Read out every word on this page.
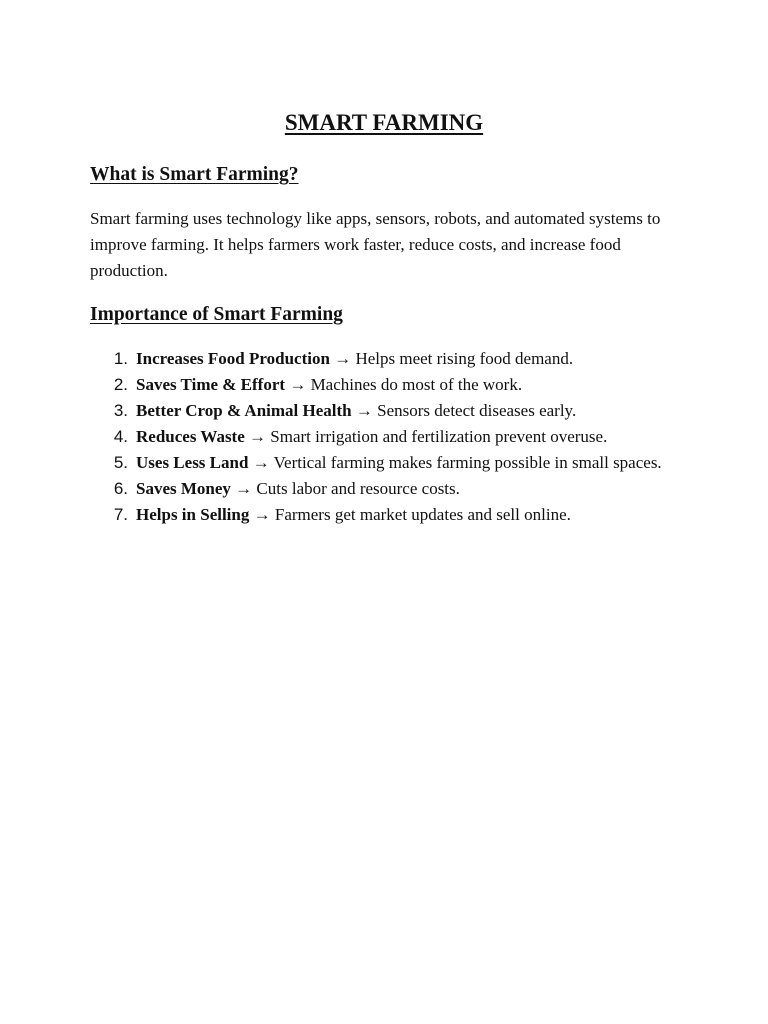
SMART FARMING
What is Smart Farming?

Smart farming uses technology like apps, sensors, robots, and automated systems to improve farming. It helps farmers work faster, reduce costs, and increase food production.

Importance of Smart Farming
1. Increases Food Production → Helps meet rising food demand.
2. Saves Time & Effort → Machines do most of the work.
3. Better Crop & Animal Health → Sensors detect diseases early.
4. Reduces Waste → Smart irrigation and fertilization prevent overuse.
5. Uses Less Land → Vertical farming makes farming possible in small spaces.
6. Saves Money → Cuts labor and resource costs.
7. Helps in Selling → Farmers get market updates and sell online.
